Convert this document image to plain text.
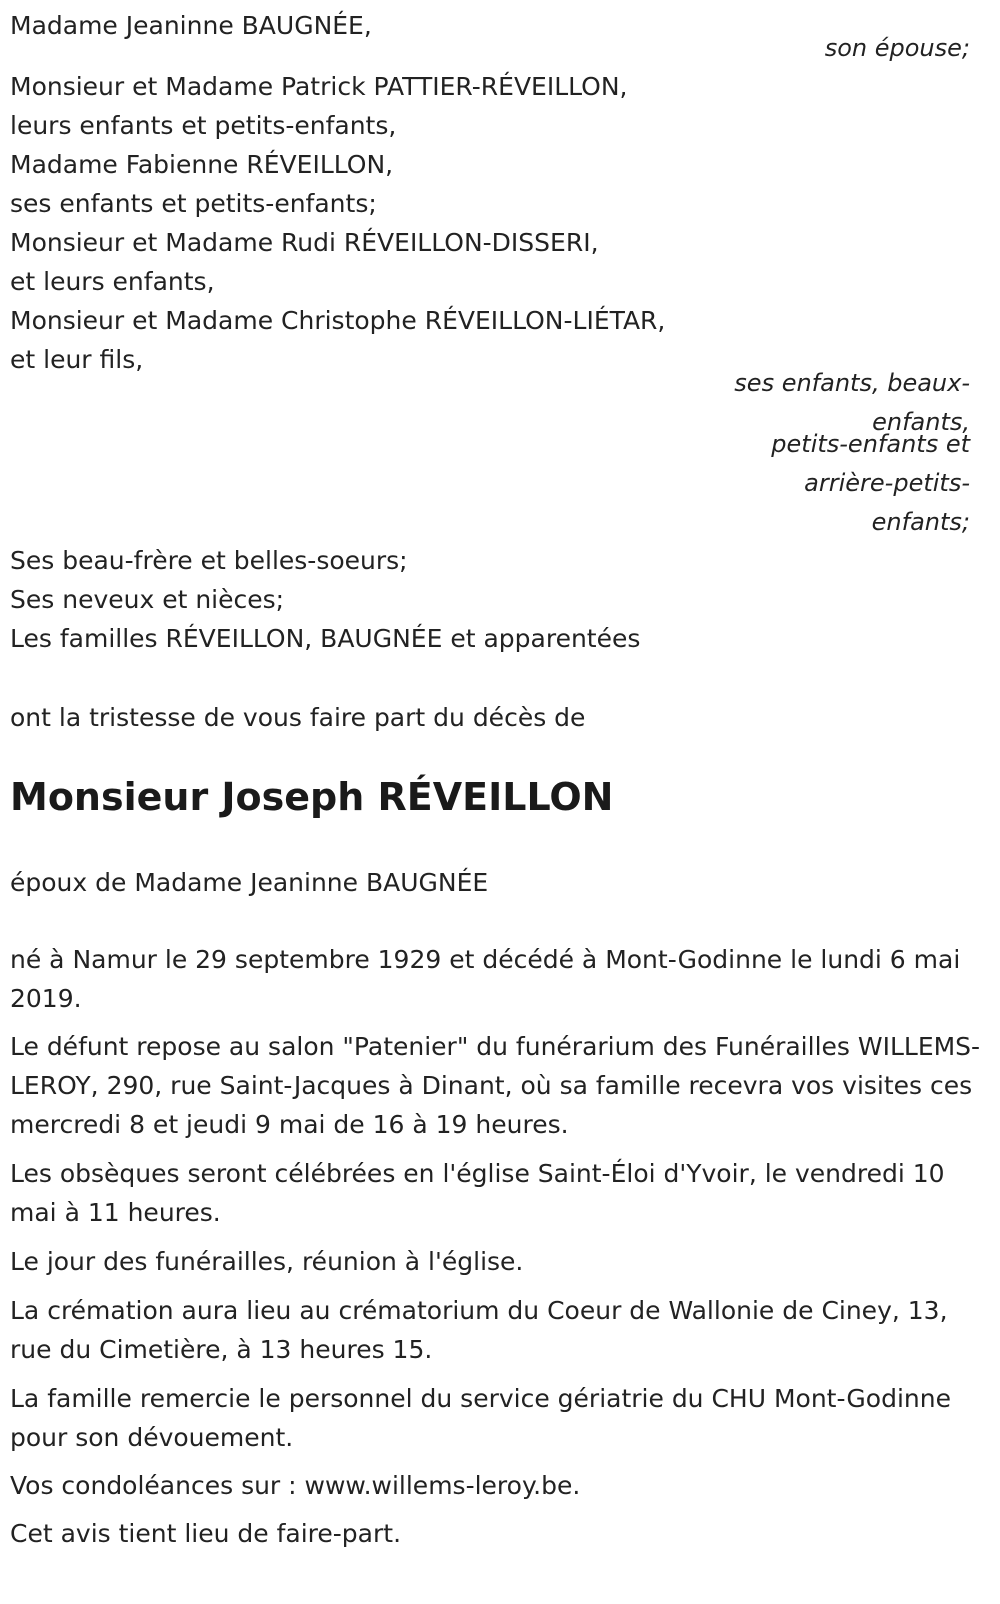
Madame Jeaninne BAUGNÉE,
son épouse;
Monsieur et Madame Patrick PATTIER-RÉVEILLON,
leurs enfants et petits-enfants,
Madame Fabienne RÉVEILLON,
ses enfants et petits-enfants;
Monsieur et Madame Rudi RÉVEILLON-DISSERI,
et leurs enfants,
Monsieur et Madame Christophe RÉVEILLON-LIÉTAR,
et leur fils,
ses enfants, beaux-
enfants,
petits-enfants et
arrière-petits-
enfants;
Ses beau-frère et belles-soeurs;
Ses neveux et nièces;
Les familles RÉVEILLON, BAUGNÉE et apparentées
ont la tristesse de vous faire part du décès de
Monsieur Joseph RÉVEILLON
époux de Madame Jeaninne BAUGNÉE
né à Namur le 29 septembre 1929 et décédé à Mont-Godinne le lundi 6 mai 2019.
Le défunt repose au salon "Patenier" du funérarium des Funérailles WILLEMS-LEROY, 290, rue Saint-Jacques à Dinant, où sa famille recevra vos visites ces mercredi 8 et jeudi 9 mai de 16 à 19 heures.
Les obsèques seront célébrées en l'église Saint-Éloi d'Yvoir, le vendredi 10 mai à 11 heures.
Le jour des funérailles, réunion à l'église.
La crémation aura lieu au crématorium du Coeur de Wallonie de Ciney, 13, rue du Cimetière, à 13 heures 15.
La famille remercie le personnel du service gériatrie du CHU Mont-Godinne pour son dévouement.
Vos condoléances sur : www.willems-leroy.be.
Cet avis tient lieu de faire-part.
